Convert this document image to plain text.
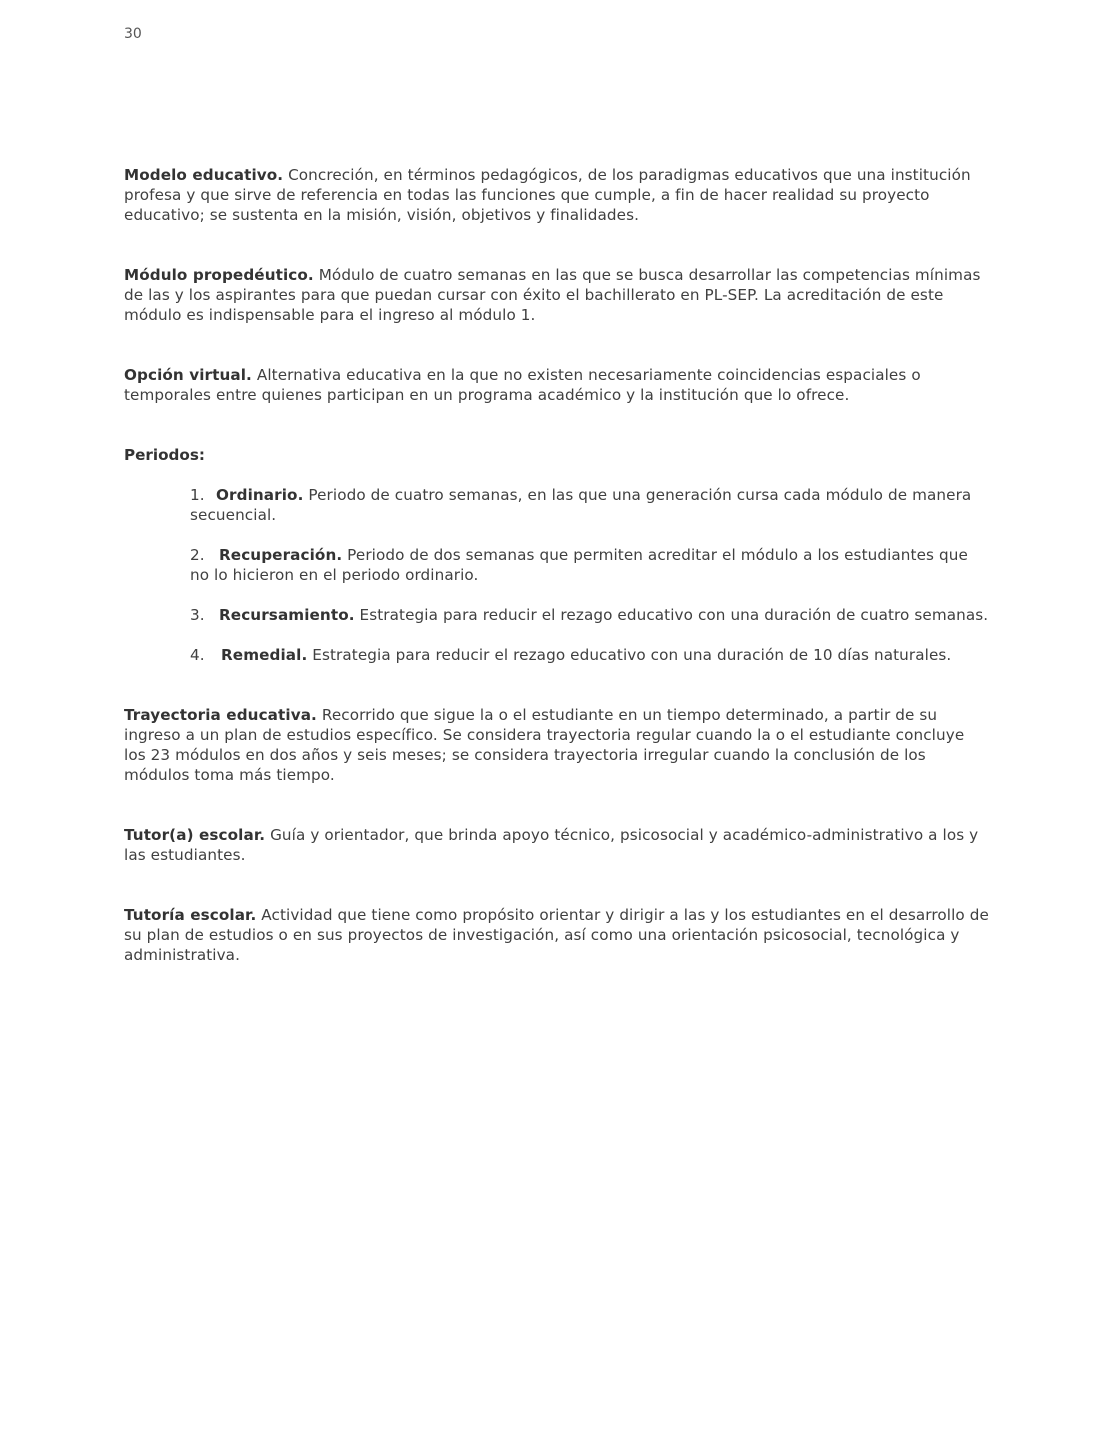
30

Modelo educativo. Concreción, en términos pedagógicos, de los paradigmas educativos que una institución profesa y que sirve de referencia en todas las funciones que cumple, a fin de hacer realidad su proyecto educativo; se sustenta en la misión, visión, objetivos y finalidades.

Módulo propedéutico. Módulo de cuatro semanas en las que se busca desarrollar las competencias mínimas de las y los aspirantes para que puedan cursar con éxito el bachillerato en PL-SEP. La acreditación de este módulo es indispensable para el ingreso al módulo 1.

Opción virtual. Alternativa educativa en la que no existen necesariamente coincidencias espaciales o temporales entre quienes participan en un programa académico y la institución que lo ofrece.

Periodos:

1. Ordinario. Periodo de cuatro semanas, en las que una generación cursa cada módulo de manera secuencial.
2. Recuperación. Periodo de dos semanas que permiten acreditar el módulo a los estudiantes que no lo hicieron en el periodo ordinario.
3. Recursamiento. Estrategia para reducir el rezago educativo con una duración de cuatro semanas.
4. Remedial. Estrategia para reducir el rezago educativo con una duración de 10 días naturales.

Trayectoria educativa. Recorrido que sigue la o el estudiante en un tiempo determinado, a partir de su ingreso a un plan de estudios específico. Se considera trayectoria regular cuando la o el estudiante concluye los 23 módulos en dos años y seis meses; se considera trayectoria irregular cuando la conclusión de los módulos toma más tiempo.

Tutor(a) escolar. Guía y orientador, que brinda apoyo técnico, psicosocial y académico-administrativo a los y las estudiantes.

Tutoría escolar. Actividad que tiene como propósito orientar y dirigir a las y los estudiantes en el desarrollo de su plan de estudios o en sus proyectos de investigación, así como una orientación psicosocial, tecnológica y administrativa.
